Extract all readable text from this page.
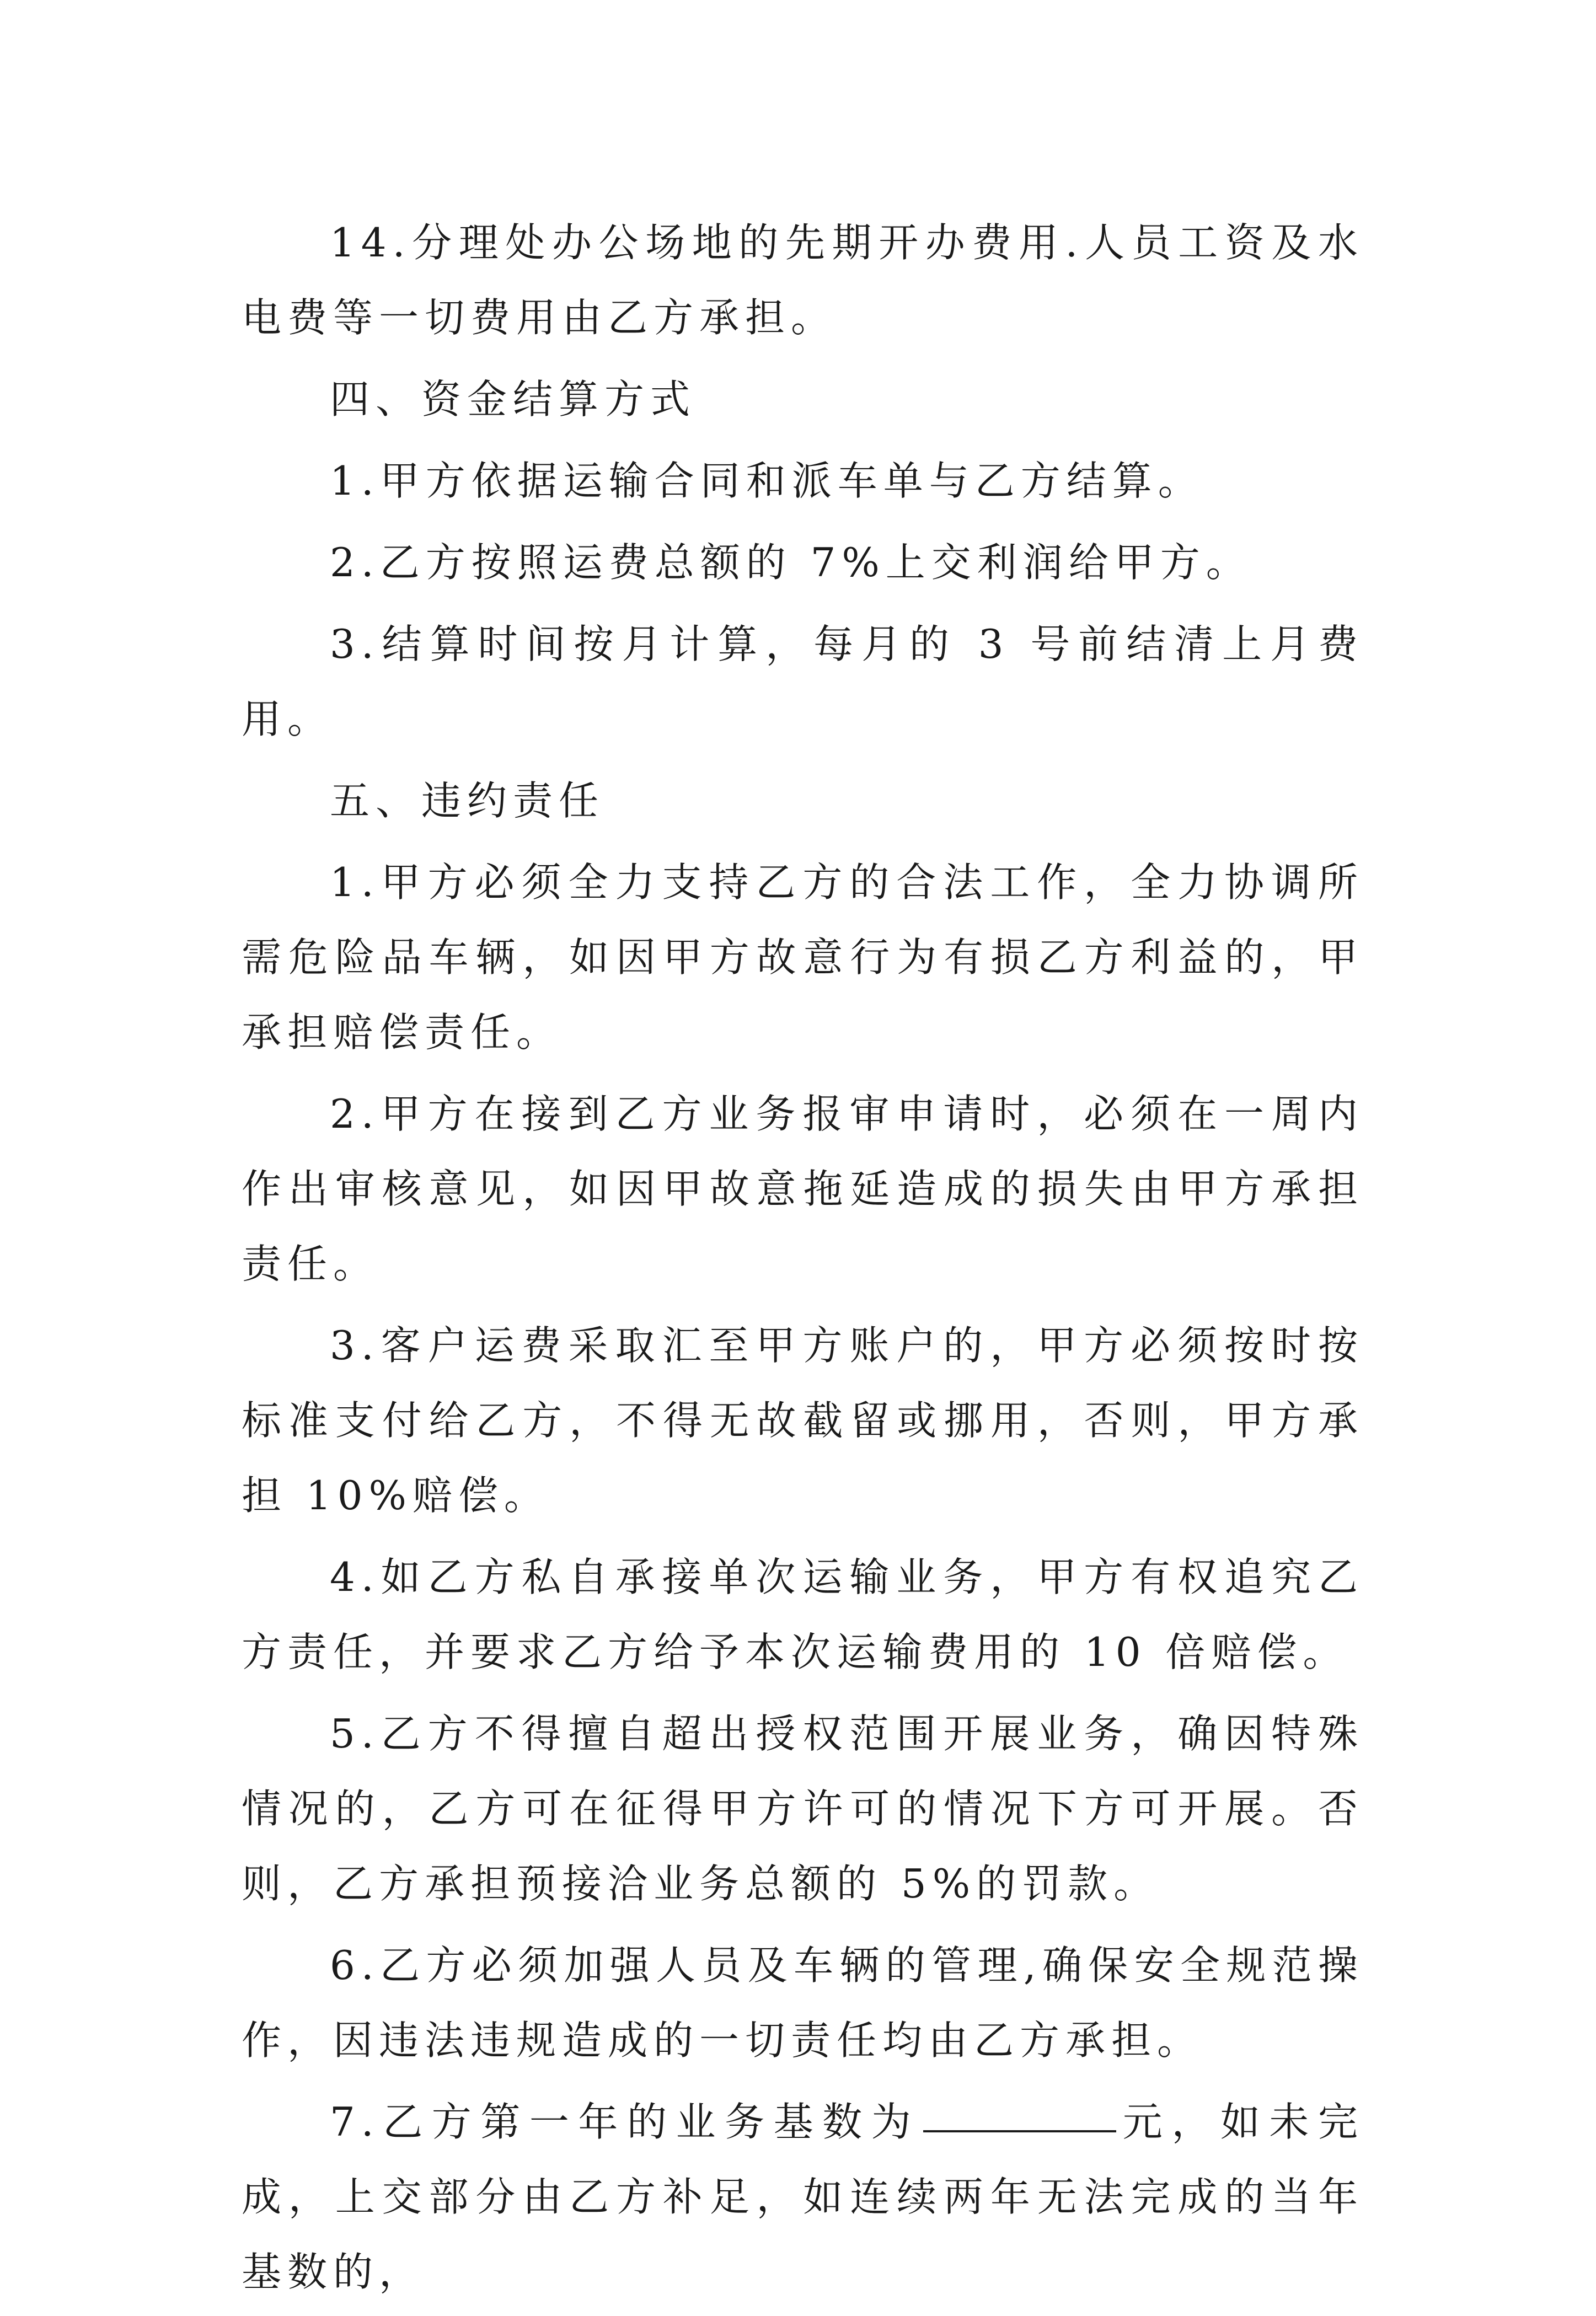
14.分理处办公场地的先期开办费用.人员工资及水电费等一切费用由乙方承担。

四、资金结算方式

1.甲方依据运输合同和派车单与乙方结算。

2.乙方按照运费总额的 7%上交利润给甲方。

3.结算时间按月计算，每月的 3 号前结清上月费用。

五、违约责任

1.甲方必须全力支持乙方的合法工作，全力协调所需危险品车辆，如因甲方故意行为有损乙方利益的，甲承担赔偿责任。

2.甲方在接到乙方业务报审申请时，必须在一周内作出审核意见，如因甲故意拖延造成的损失由甲方承担责任。

3.客户运费采取汇至甲方账户的，甲方必须按时按标准支付给乙方，不得无故截留或挪用，否则，甲方承担 10%赔偿。

4.如乙方私自承接单次运输业务，甲方有权追究乙方责任，并要求乙方给予本次运输费用的 10 倍赔偿。

5.乙方不得擅自超出授权范围开展业务，确因特殊情况的，乙方可在征得甲方许可的情况下方可开展。否则，乙方承担预接洽业务总额的 5%的罚款。

6.乙方必须加强人员及车辆的管理,确保安全规范操作，因违法违规造成的一切责任均由乙方承担。

7.乙方第一年的业务基数为	元，如未完成，上交部分由乙方补足，如连续两年无法完成的当年基数的，
